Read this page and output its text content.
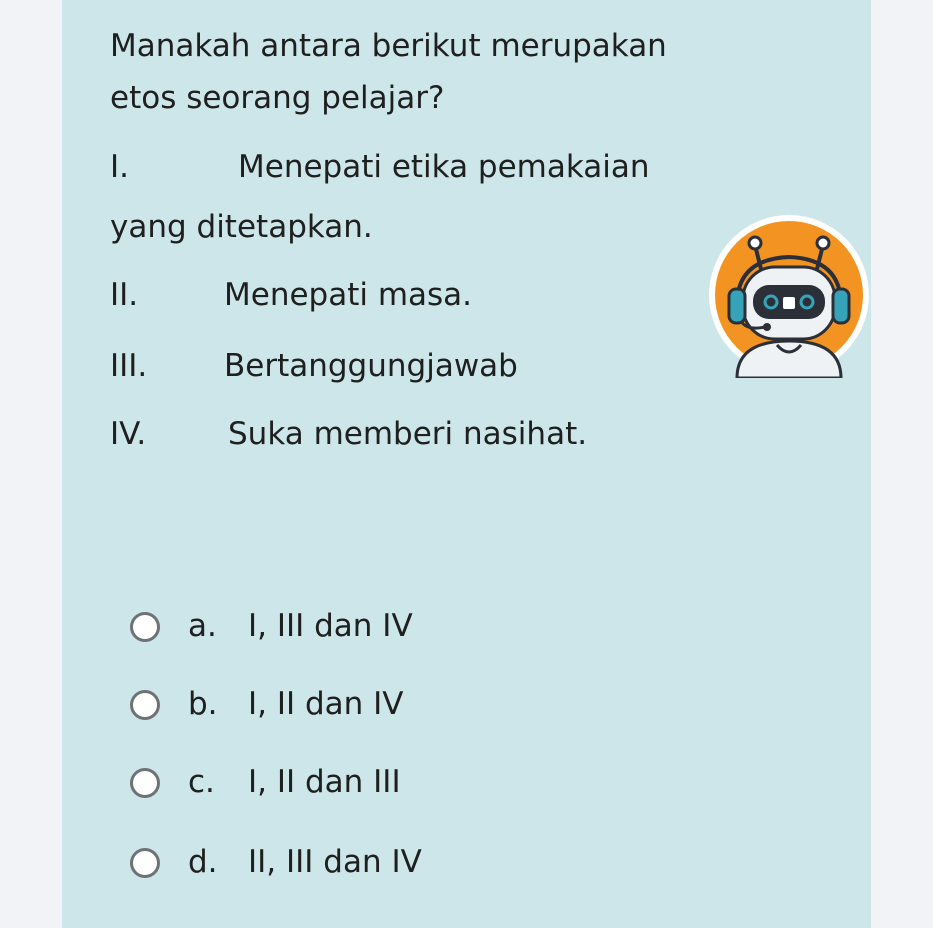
Manakah antara berikut merupakan
etos seorang pelajar?
I.	Menepati etika pemakaian
yang ditetapkan.
II.	Menepati masa.
III. Bertanggungjawab
IV.	Suka memberi nasihat.
a. I, III dan IV
b. I, II dan IV
c. I, II dan III
d. II, III dan IV
